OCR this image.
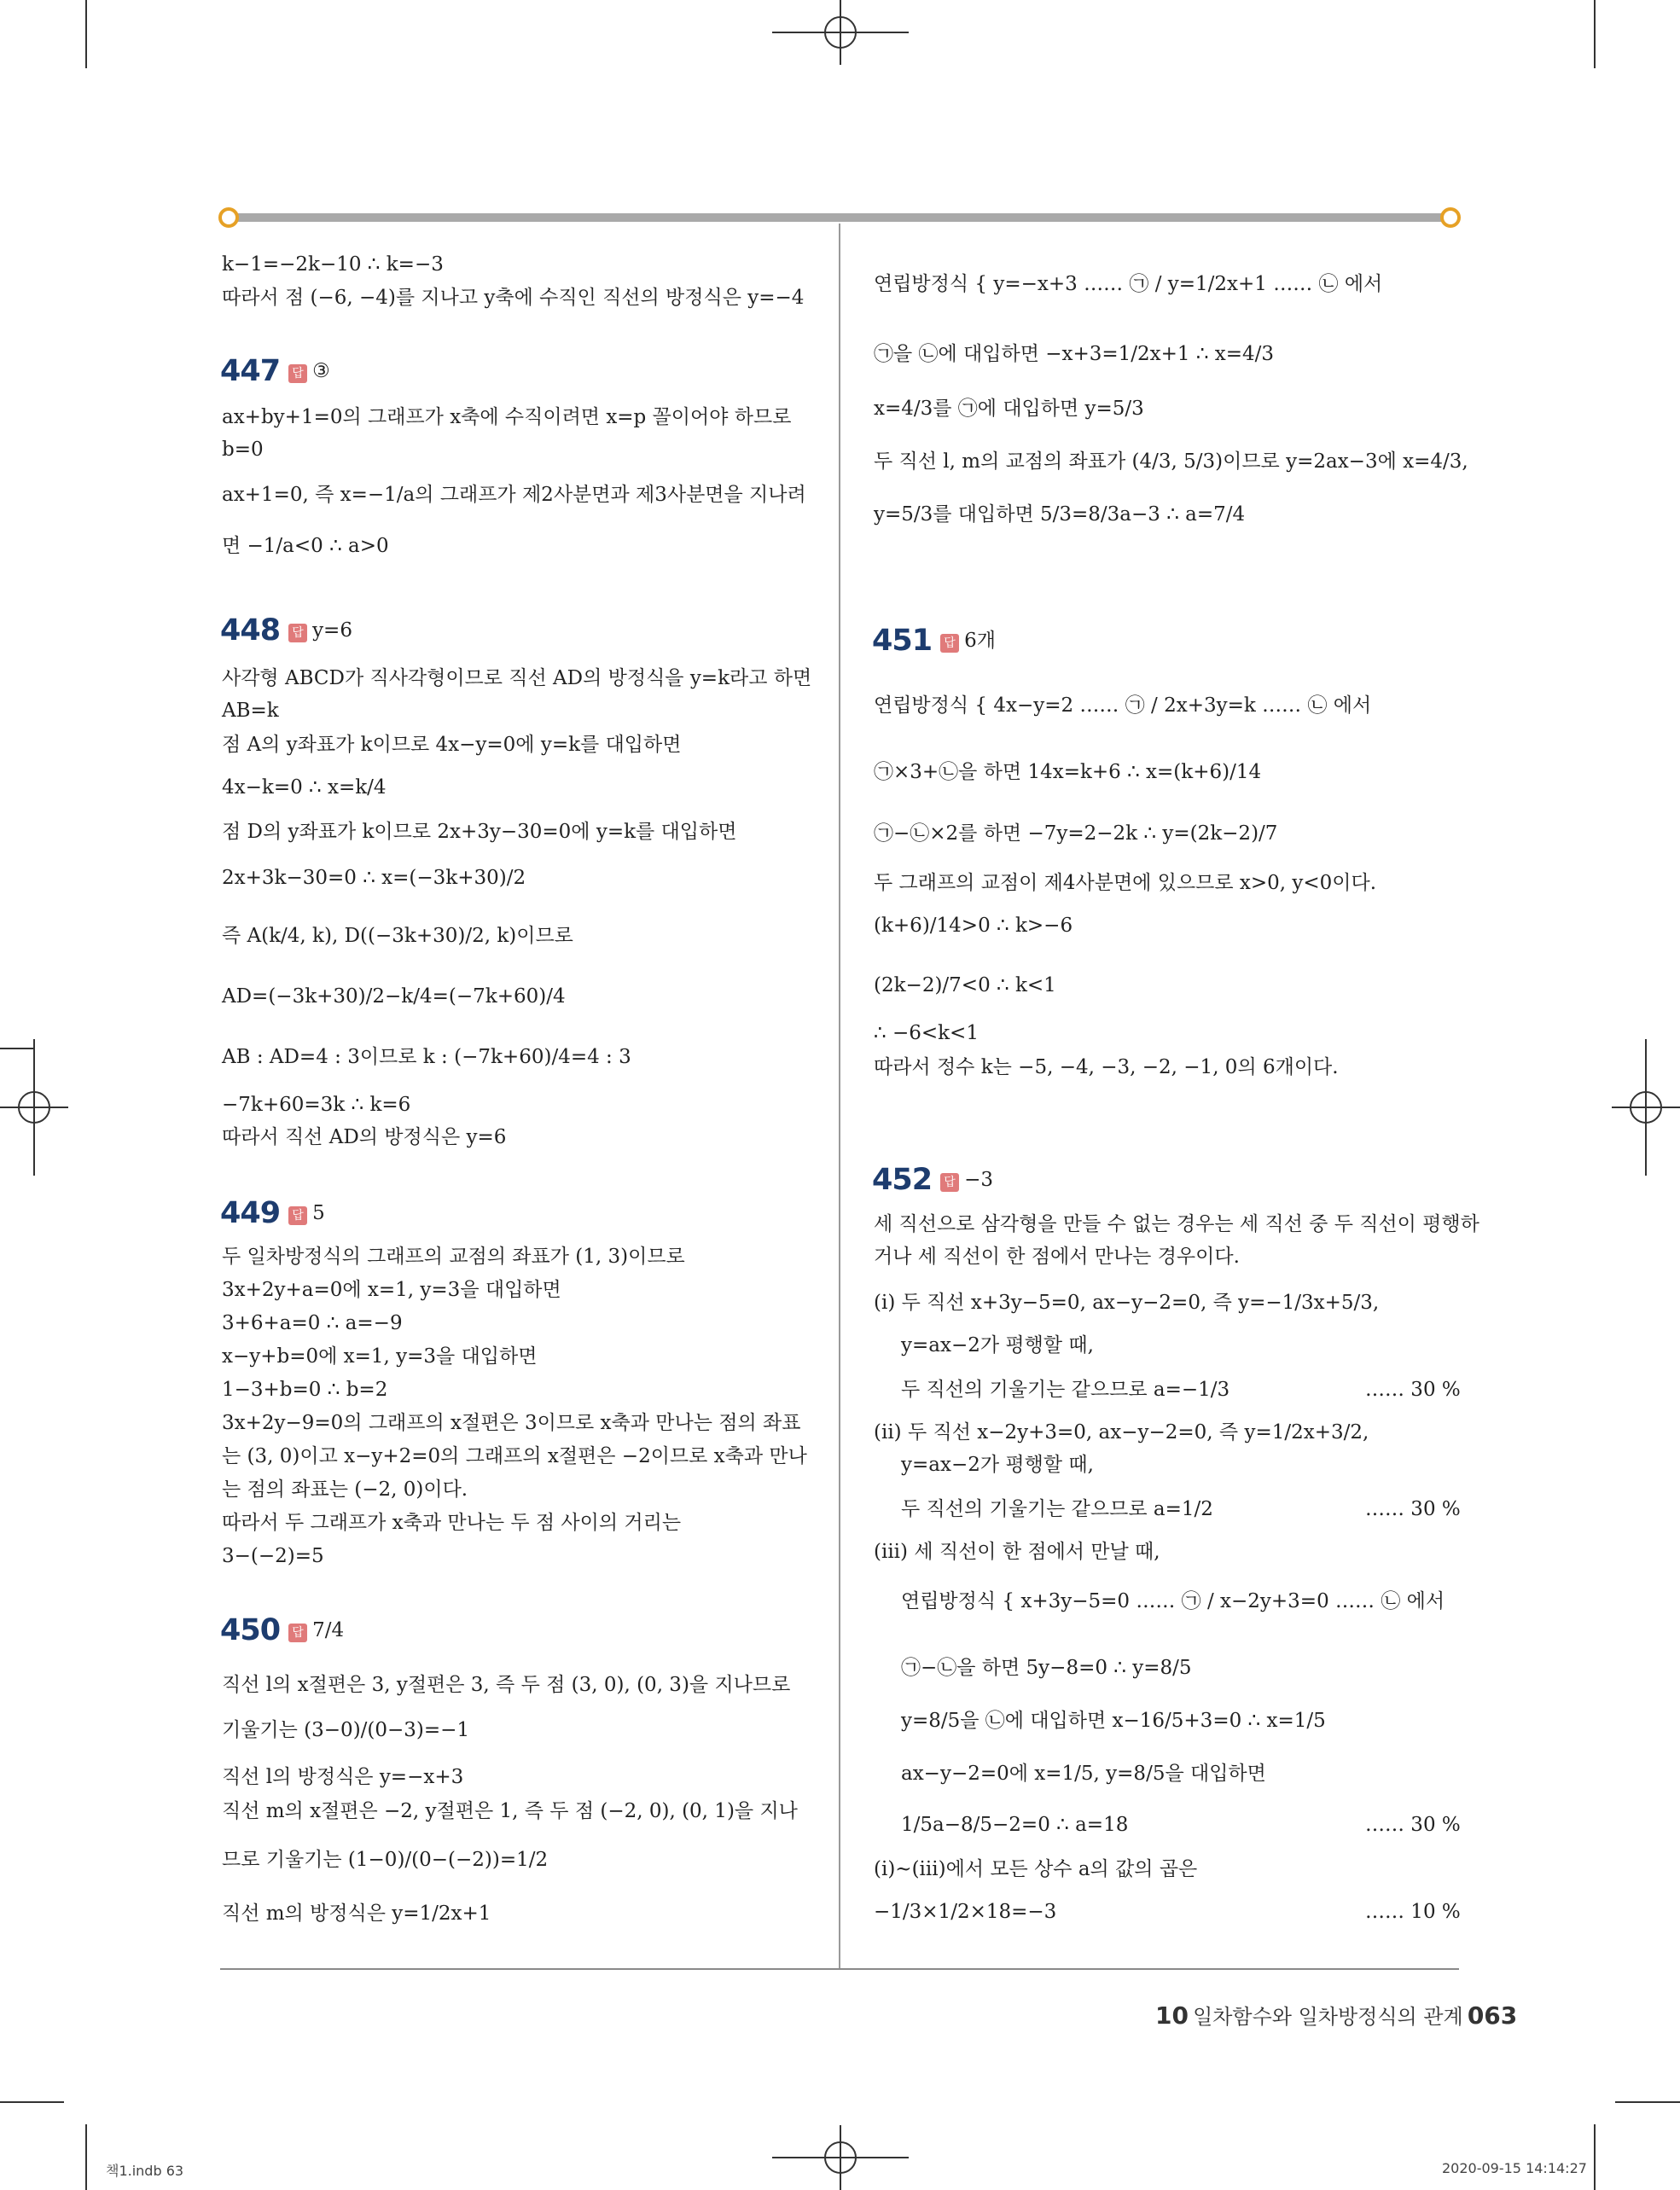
k−1=−2k−10 ∴ k=−3
따라서 점 (−6, −4)를 지나고 y축에 수직인 직선의 방정식은 y=−4
447 답 ③
ax+by+1=0의 그래프가 x축에 수직이려면 x=p 꼴이어야 하므로
b=0
ax+1=0, 즉 x=−1/a의 그래프가 제2사분면과 제3사분면을 지나려
면 −1/a<0 ∴ a>0
448 답 y=6
사각형 ABCD가 직사각형이므로 직선 AD의 방정식을 y=k라고 하면
AB=k
점 A의 y좌표가 k이므로 4x−y=0에 y=k를 대입하면
4x−k=0 ∴ x=k/4
점 D의 y좌표가 k이므로 2x+3y−30=0에 y=k를 대입하면
2x+3k−30=0 ∴ x=(−3k+30)/2
즉 A(k/4, k), D((−3k+30)/2, k)이므로
AD=(−3k+30)/2−k/4=(−7k+60)/4
AB : AD=4 : 3이므로 k : (−7k+60)/4=4 : 3
−7k+60=3k ∴ k=6
따라서 직선 AD의 방정식은 y=6
449 답 5
두 일차방정식의 그래프의 교점의 좌표가 (1, 3)이므로
3x+2y+a=0에 x=1, y=3을 대입하면
3+6+a=0 ∴ a=−9
x−y+b=0에 x=1, y=3을 대입하면
1−3+b=0 ∴ b=2
3x+2y−9=0의 그래프의 x절편은 3이므로 x축과 만나는 점의 좌표
는 (3, 0)이고 x−y+2=0의 그래프의 x절편은 −2이므로 x축과 만나
는 점의 좌표는 (−2, 0)이다.
따라서 두 그래프가 x축과 만나는 두 점 사이의 거리는
3−(−2)=5
450 답 7/4
직선 l의 x절편은 3, y절편은 3, 즉 두 점 (3, 0), (0, 3)을 지나므로
기울기는 (3−0)/(0−3)=−1
직선 l의 방정식은 y=−x+3
직선 m의 x절편은 −2, y절편은 1, 즉 두 점 (−2, 0), (0, 1)을 지나
므로 기울기는 (1−0)/(0−(−2))=1/2
직선 m의 방정식은 y=1/2x+1
연립방정식 { y=−x+3 …… ㉠ / y=1/2x+1 …… ㉡ 에서
㉠을 ㉡에 대입하면 −x+3=1/2x+1 ∴ x=4/3
x=4/3를 ㉠에 대입하면 y=5/3
두 직선 l, m의 교점의 좌표가 (4/3, 5/3)이므로 y=2ax−3에 x=4/3,
y=5/3를 대입하면 5/3=8/3a−3 ∴ a=7/4
451 답 6개
연립방정식 { 4x−y=2 …… ㉠ / 2x+3y=k …… ㉡ 에서
㉠×3+㉡을 하면 14x=k+6 ∴ x=(k+6)/14
㉠−㉡×2를 하면 −7y=2−2k ∴ y=(2k−2)/7
두 그래프의 교점이 제4사분면에 있으므로 x>0, y<0이다.
(k+6)/14>0 ∴ k>−6
(2k−2)/7<0 ∴ k<1
∴ −6<k<1
따라서 정수 k는 −5, −4, −3, −2, −1, 0의 6개이다.
452 답 −3
세 직선으로 삼각형을 만들 수 없는 경우는 세 직선 중 두 직선이 평행하
거나 세 직선이 한 점에서 만나는 경우이다.
(i) 두 직선 x+3y−5=0, ax−y−2=0, 즉 y=−1/3x+5/3,
y=ax−2가 평행할 때,
두 직선의 기울기는 같으므로 a=−1/3
(ii) 두 직선 x−2y+3=0, ax−y−2=0, 즉 y=1/2x+3/2,
y=ax−2가 평행할 때,
두 직선의 기울기는 같으므로 a=1/2
(iii) 세 직선이 한 점에서 만날 때,
연립방정식 { x+3y−5=0 …… ㉠ / x−2y+3=0 …… ㉡ 에서
㉠−㉡을 하면 5y−8=0 ∴ y=8/5
y=8/5을 ㉡에 대입하면 x−16/5+3=0 ∴ x=1/5
ax−y−2=0에 x=1/5, y=8/5을 대입하면
1/5a−8/5−2=0 ∴ a=18
(i)~(iii)에서 모든 상수 a의 값의 곱은
−1/3×1/2×18=−3
…… 30 %
…… 30 %
…… 30 %
…… 10 %
10 일차함수와 일차방정식의 관계 063
책1.indb 63	2020-09-15 14:14:27
